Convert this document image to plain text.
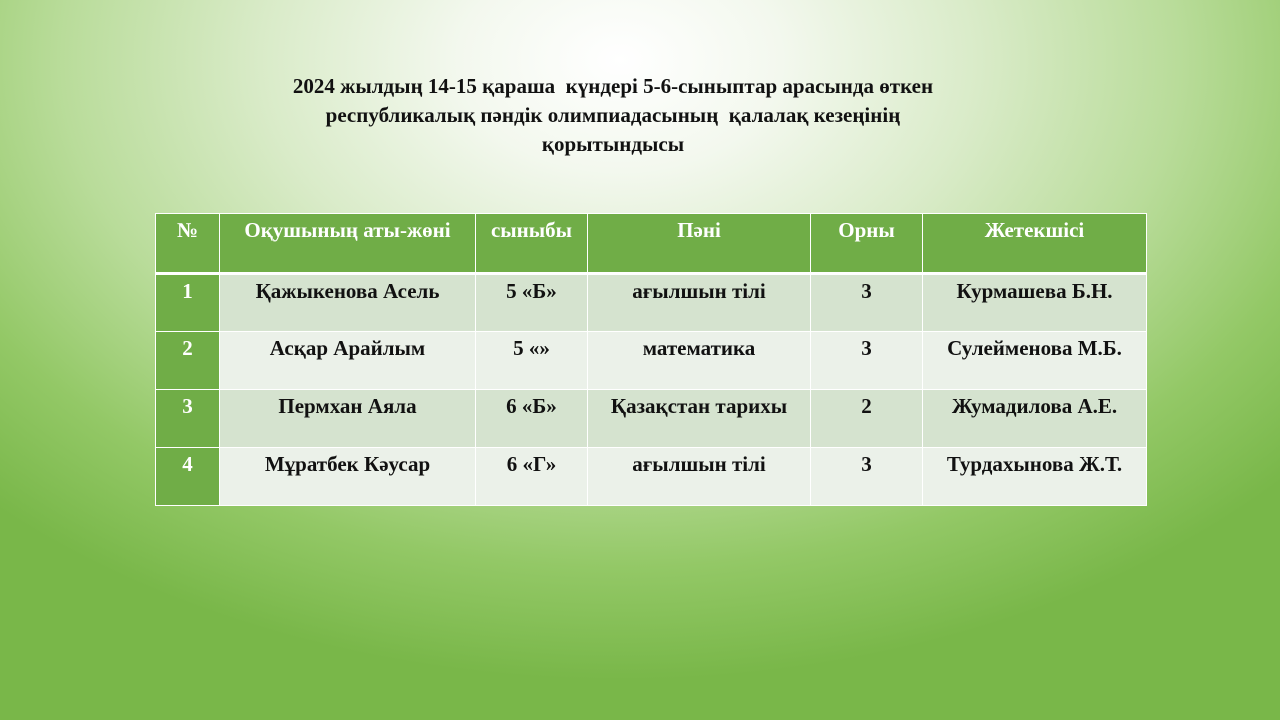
2024 жылдың 14-15 қараша  күндері 5-6-сыныптар арасында өткен
республикалық пәндік олимпиадасының  қалалақ кезеңінің
қорытындысы
№	Оқушының аты-жөні	сыныбы	Пәні	Орны	Жетекшісі
1	Қажыкенова Асель	5 «Б»	ағылшын тілі	3	Курмашева Б.Н.
2	Асқар Арайлым	5 «»	математика	3	Сулейменова М.Б.
3	Пермхан Аяла	6 «Б»	Қазақстан тарихы	2	Жумадилова А.Е.
4	Мұратбек Кәусар	6 «Г»	ағылшын тілі	3	Турдахынова Ж.Т.
